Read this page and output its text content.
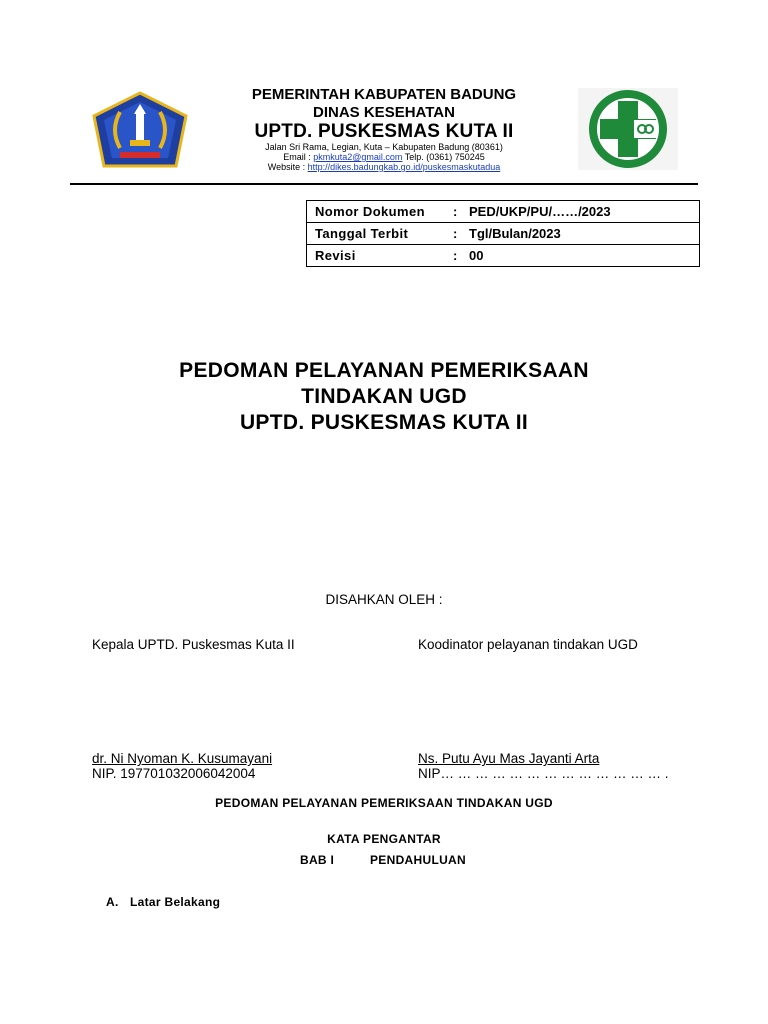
PEMERINTAH KABUPATEN BADUNG
DINAS KESEHATAN
UPTD. PUSKESMAS KUTA II
Jalan Sri Rama, Legian, Kuta – Kabupaten Badung (80361)
Email : pkmkuta2@gmail.com Telp. (0361) 750245
Website : http://dikes.badungkab.go.id/puskesmaskutadua
Nomor Dokumen	:	PED/UKP/PU/……/2023
Tanggal Terbit	:	Tgl/Bulan/2023
Revisi	:	00
PEDOMAN PELAYANAN PEMERIKSAAN
TINDAKAN UGD
UPTD. PUSKESMAS KUTA II
DISAHKAN OLEH :
Kepala UPTD. Puskesmas Kuta II	Koodinator pelayanan tindakan UGD
dr. Ni Nyoman K. Kusumayani
NIP. 197701032006042004
Ns. Putu Ayu Mas Jayanti Arta
NIP… … … … … … … … … … … … … .
PEDOMAN PELAYANAN PEMERIKSAAN TINDAKAN UGD
KATA PENGANTAR
BAB I	PENDAHULUAN
A. Latar Belakang
